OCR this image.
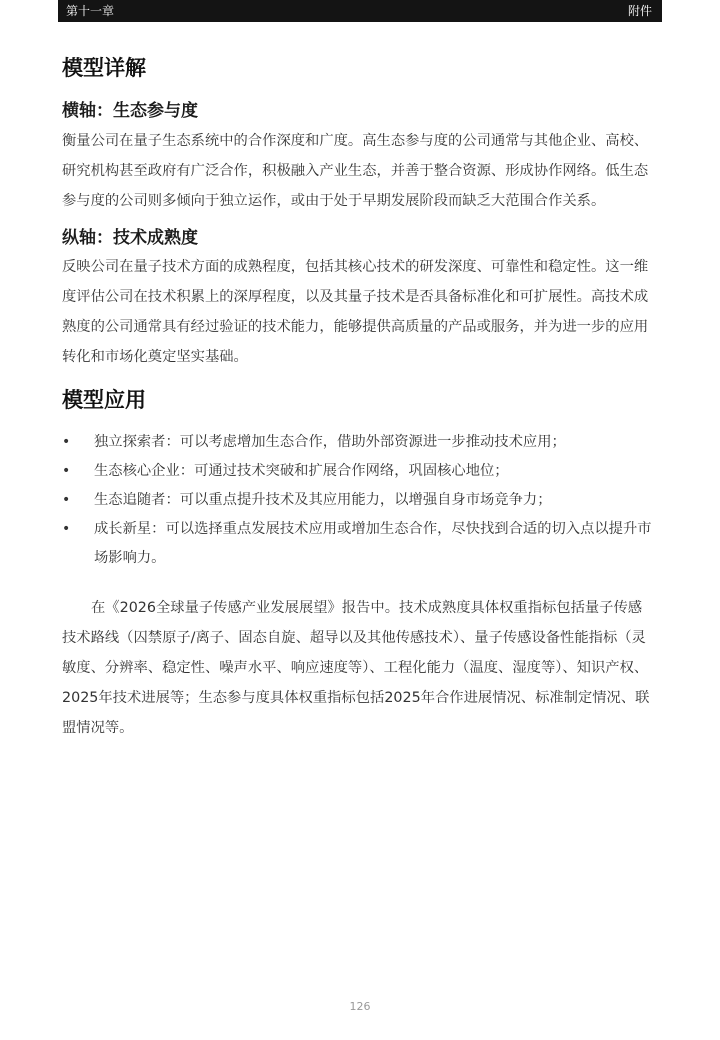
第十一章	附件
模型详解
横轴：生态参与度

衡量公司在量子生态系统中的合作深度和广度。高生态参与度的公司通常与其他企业、高校、研究机构甚至政府有广泛合作，积极融入产业生态，并善于整合资源、形成协作网络。低生态参与度的公司则多倾向于独立运作，或由于处于早期发展阶段而缺乏大范围合作关系。

纵轴：技术成熟度

反映公司在量子技术方面的成熟程度，包括其核心技术的研发深度、可靠性和稳定性。这一维度评估公司在技术积累上的深厚程度，以及其量子技术是否具备标准化和可扩展性。高技术成熟度的公司通常具有经过验证的技术能力，能够提供高质量的产品或服务，并为进一步的应用转化和市场化奠定坚实基础。

模型应用
• 独立探索者：可以考虑增加生态合作，借助外部资源进一步推动技术应用；
• 生态核心企业：可通过技术突破和扩展合作网络，巩固核心地位；
• 生态追随者：可以重点提升技术及其应用能力，以增强自身市场竞争力；
• 成长新星：可以选择重点发展技术应用或增加生态合作，尽快找到合适的切入点以提升市场影响力。

在《2026全球量子传感产业发展展望》报告中。技术成熟度具体权重指标包括量子传感技术路线（囚禁原子/离子、固态自旋、超导以及其他传感技术）、量子传感设备性能指标（灵敏度、分辨率、稳定性、噪声水平、响应速度等）、工程化能力（温度、湿度等）、知识产权、2025年技术进展等；生态参与度具体权重指标包括2025年合作进展情况、标准制定情况、联盟情况等。

126
